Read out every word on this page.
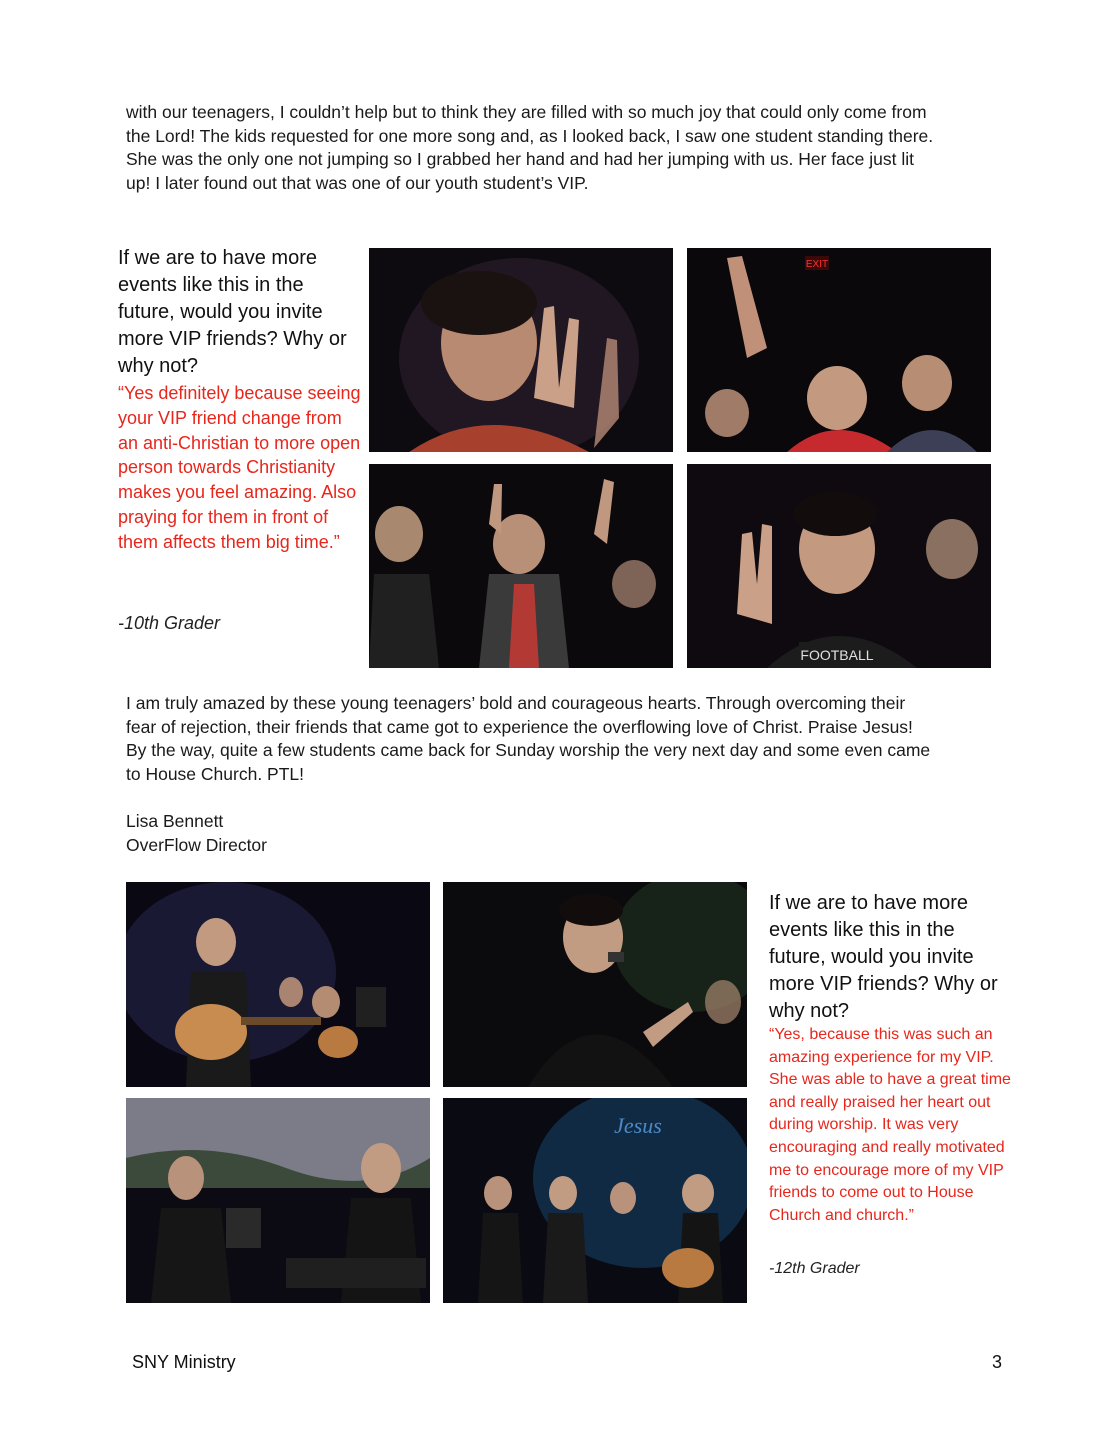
with our teenagers, I couldn’t help but to think they are filled with so much joy that could only come from

the Lord! The kids requested for one more song and, as I looked back, I saw one student standing there.

She was the only one not jumping so I grabbed her hand and had her jumping with us. Her face just lit

up! I later found out that was one of our youth student’s VIP.

If we are to have more events like this in the future, would you invite more VIP friends? Why or why not?

“Yes definitely because seeing your VIP friend change from an anti-Christian to more open person towards Christianity makes you feel amazing. Also praying for them in front of them affects them big time.”

-10th Grader

EXIT
FOOTBALL

I am truly amazed by these young teenagers’ bold and courageous hearts. Through overcoming their

fear of rejection, their friends that came got to experience the overflowing love of Christ. Praise Jesus!

By the way, quite a few students came back for Sunday worship the very next day and some even came

to House Church. PTL!

Lisa Bennett

OverFlow Director

Jesus

If we are to have more events like this in the future, would you invite more VIP friends? Why or why not?

“Yes, because this was such an amazing experience for my VIP. She was able to have a great time and really praised her heart out during worship. It was very encouraging and really motivated me to encourage more of my VIP friends to come out to House Church and church.”

-12th Grader

SNY Ministry	3
